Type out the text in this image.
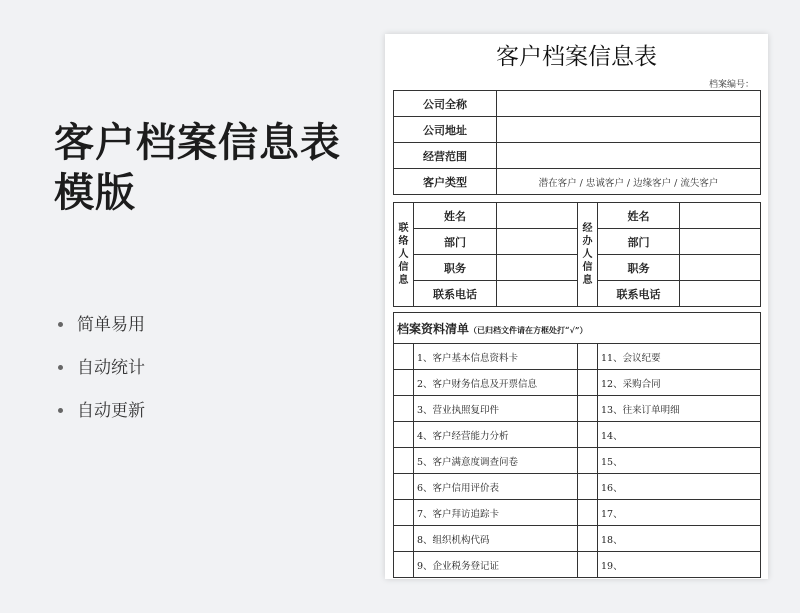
客户档案信息表模版
简单易用
自动统计
自动更新
客户档案信息表
档案编号：
公司全称	
公司地址	
经营范围	
客户类型	潜在客户 / 忠诚客户 / 边缘客户 / 流失客户
联络人信息	姓名		经办人信息	姓名	
	部门			部门	
	职务			职务	
	联系电话			联系电话	
档案资料清单（已归档文件请在方框处打“√”）			
	1、客户基本信息资料卡		11、会议纪要
	2、客户财务信息及开票信息		12、采购合同
	3、营业执照复印件		13、往来订单明细
	4、客户经营能力分析		14、
	5、客户满意度调查问卷		15、
	6、客户信用评价表		16、
	7、客户拜访追踪卡		17、
	8、组织机构代码		18、
	9、企业税务登记证		19、
